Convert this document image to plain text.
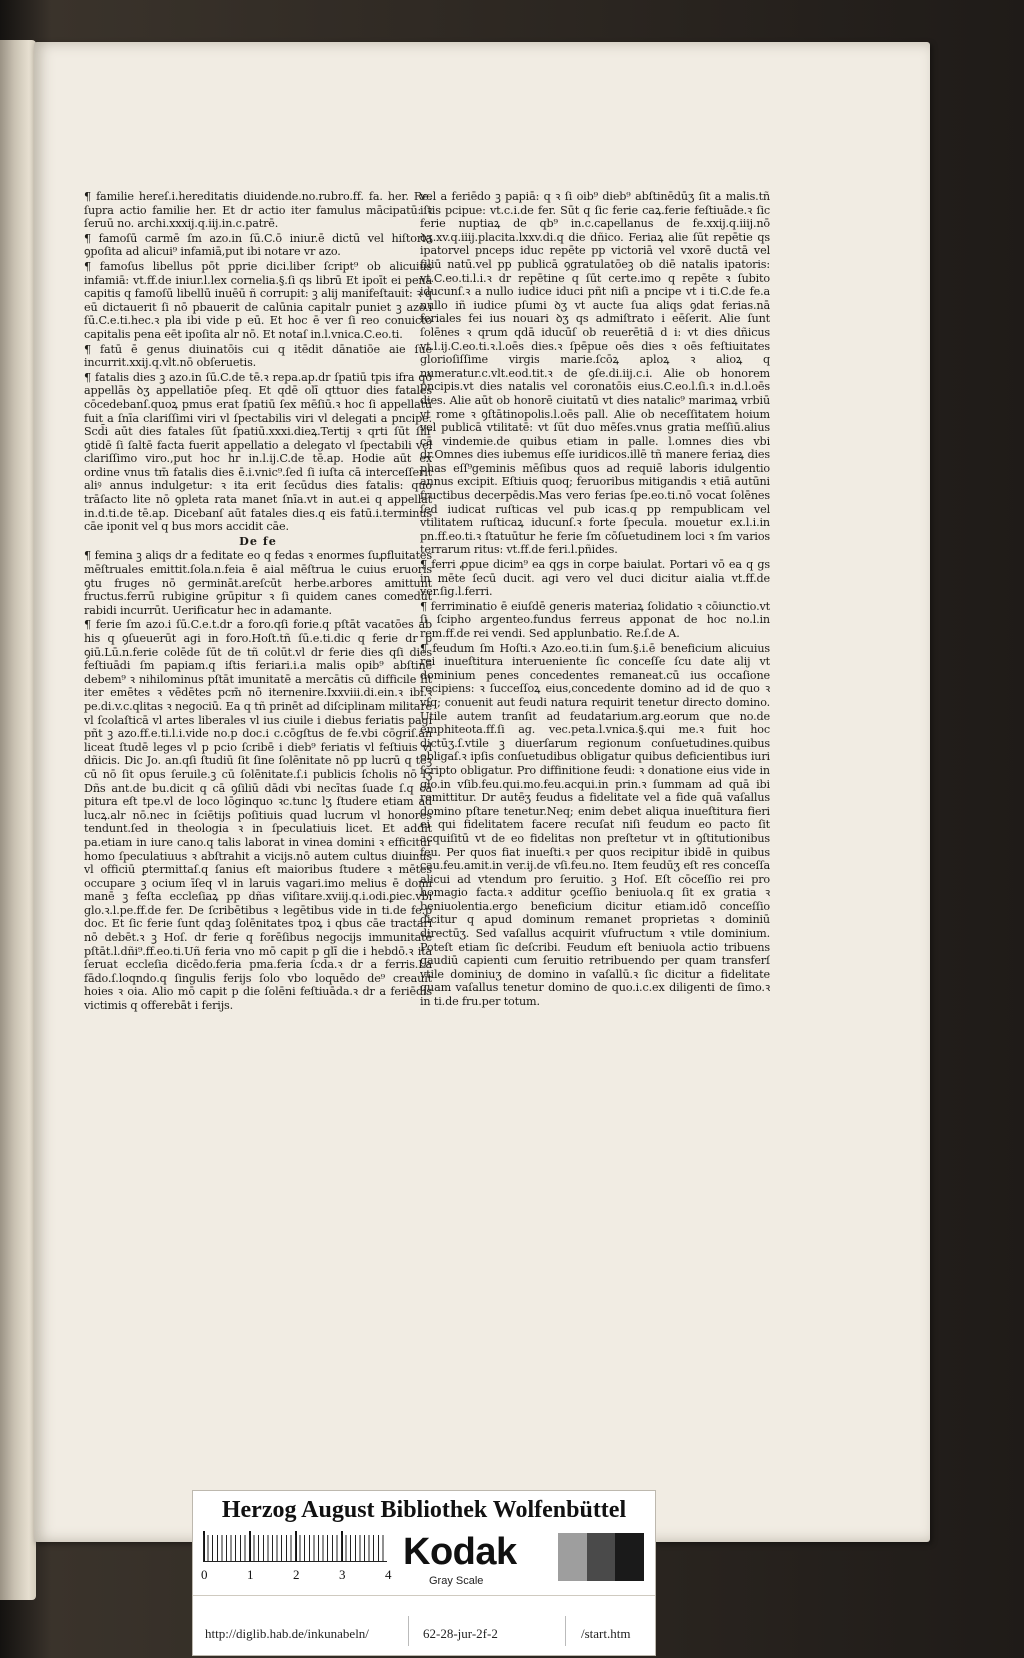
¶ familie hereſ.i.hereditatis diuidende.no.rubro.ff. fa. her. Re. ſupra actio familie her. Et dr actio iter famulus mācipatū: ꝛ ſeruū no. archi.xxxij.q.iij.in.c.patrē.

¶ famoſū carmē ſm azo.in ſū.C.ō iniur.ē dictū vel hiſtoria ꝯpoſita ad alicui⁹ infamiā,put ibi notare vr azo.

¶ famoſus libellus pōt pprie dici.liber ſcript⁹ ob alicuius infamiā: vt.ff.de iniur.l.lex cornelia.§.ſi qs librū Et ipoīt ei pena capitis q famoſū libellū inuēū ñ corrupit: ꝫ alij manifeſtauit: ꝛ q eū dictauerit ſi nō pbauerit de calūnia capitalr puniet ꝫ azo.i ſū.C.e.ti.hec.ꝛ pla ibi vide p eū. Et hoc ē ver ſi reo conuicto capitalis pena eēt ipoſita alr nō. Et notaſ in.l.vnica.C.eo.ti.

¶ fatū ē genus diuinatōis cui q itēdit dānatiōe aie ſue incurrit.xxij.q.vlt.nō obſeruetis.

¶ fatalis dies ꝫ azo.in ſū.C.de tē.ꝛ repa.ap.dr ſpatiū tpis ifra qð appellās ꝺʒ appellatiōe pſeq. Et qdē olī qttuor dies fatales cōcedebanſ.quoꝝ pmus erat ſpatiū ſex mēſiū.ꝛ hoc ſi appellatū fuit a ſnīa clariſſimi viri vl ſpectabilis viri vl delegati a pncipe. Scd̄i aūt dies fatales ſūt ſpatiū.xxxi.dieꝝ.Tertij ꝛ qrti ſūt ſilr ꝯtidē ſi ſaltē facta fuerit appellatio a delegato vl ſpectabili vel clariſſimo viro.,put hoc hr in.l.ij.C.de tē.ap. Hodie aūt ex ordine vnus tm̄ fatalis dies ē.i.vnic⁹.ſed ſi iuſta cā interceſſerit aliꝰ annus indulgetur: ꝛ ita erit ſecūdus dies fatalis: quo trāſacto lite nō ꝯpleta rata manet ſnīa.vt in aut.ei q appellat in.d.ti.de tē.ap. Dicebanſ aūt fatales dies.q eis fatū.i.terminus cāe iponit vel q bus mors accidit cāe.

De fe

¶ femina ꝫ aliqs dr a feditate eo q fedas ꝛ enormes ſuꝓfluitates mēſtruales emittit.ſola.n.feia ē aial mēſtrua le cuius eruoris ꝯtu fruges nō germināt.areſcūt herbe.arbores amittunt fructus.ferrū rubigine ꝯrūpitur ꝛ ſi quidem canes comedūt rabidi incurrūt. Uerificatur hec in adamante.

¶ ferie ſm azo.i ſū.C.e.t.dr a foro.qſi forie.q pſtāt vacatōes ab his q ꝯſueuerūt agi in foro.Hoſt.tñ ſū.e.ti.dic q ferie dr p ꝯiū.Lū.n.ferie colēde ſūt de tñ colūt.vl dr ferie dies qſi dies feſtiuādi ſm papiam.q iſtis feriari.i.a malis opib⁹ abſtinē debem⁹ ꝛ nihilominus pſtāt imunitatē a mercātis cū difficile ſit iter emētes ꝛ vēdētes pcm̄ nō iternenire.Ixxviii.di.ein.ꝛ ibi.ꝛ pe.di.v.c.qlitas ꝛ negociū. Ea q tñ prinēt ad diſciplinam militarē vl ſcolaſticā vl artes liberales vl ius ciuile i diebus feriatis pagi pñt ꝫ azo.ff.e.ti.l.i.vide no.p doc.i c.cōgſtus de fe.vbi cōgriſ.an liceat ſtudē leges vl p pcio ſcribē i dieb⁹ feriatis vl feſtiuis vl dñicis. Dic Jo. an.qſi ſtudiū ſit ſine ſolēnitate nō pp lucrū q tēꝫ cū nō ſit opus ſeruile.ꝫ cū ſolēnitate.ſ.i publicis ſcholis nō lʒ Dñs ant.de bu.dicit q cā ꝯſiliū dādi vbi necītas ſuade ſ.q cā pitura eſt tpe.vl de loco lōginquo ꝛc.tunc lʒ ſtudere etiam ad lucꝝ.alr nō.nec in ſciētijs poſitiuis quad lucrum vl honores tendunt.ſed in theologia ꝛ in ſpeculatiuis licet. Et addit pa.etiam in iure cano.q talis laborat in vinea domini ꝛ efficitur homo ſpeculatiuus ꝛ abſtrahit a vicijs.nō autem cultus diuinus vl officiū ꝑtermittaſ.q ſanius eſt maioribus ſtudere ꝛ mētes occupare ꝫ ocium īſeq vl in laruis vagari.imo melius ē domi manē ꝫ feſta eccleſiaꝝ pp dñas viſitare.xviij.q.i.odi.ꝑiec.vbi glo.ꝛ.l.pe.ff.de fer. De ſcribētibus ꝛ legētibus vide in ti.de fe.p doc. Et ſic ferie ſunt qdaꝫ ſolēnitates tpoꝝ i qbus cāe tractari nō debēt.ꝛ ꝫ Hoſ. dr ferie q forēſibus negocijs immunitatē pſtāt.l.dñi⁹.ff.eo.ti.Uñ feria vno mō capit p qlī die i hebdō.ꝛ ita ſeruat eccleſia dicēdo.feria pma.feria ſcd̄a.ꝛ dr a ferris.La fādo.ſ.loqndo.q ſingulis ferijs ſolo vbo loquēdo de⁹ creauit hoies ꝛ oia. Alio mō capit p die ſolēni feſtiuāda.ꝛ dr a feriēdis victimis q offerebāt i ferijs.

vel a feriēdo ꝫ papiā: q ꝛ ſi oib⁹ dieb⁹ abſtinēdūʒ ſit a malis.tñ iſtis pcipue: vt.c.i.de fer. Sūt q ſic ferie caꝝ.ferie feſtiuāde.ꝛ ſic ferie nuptiaꝝ de qb⁹ in.c.capellanus de fe.xxij.q.iiij.nō ꝺʒ.xv.q.iiij.placita.lxxv.di.q die dñico. Feriaꝝ alie ſūt repētie qs ipatorvel pnceps iduc repēte pp victoriā vel vxorē ductā vel filiū natū.vel pp publicā ꝯgratulatōeꝫ ob diē natalis ipatoris: vt.C.eo.ti.l.i.ꝛ dr repētine q ſūt certe.imo q repēte ꝛ ſubito iducunſ.ꝛ a nullo iudice iduci pñt niſi a pncipe vt i ti.C.de fe.a nullo iñ iudice pſumi ꝺʒ vt aucte ſua aliqs ꝯdat ferias.nā feriales fei ius nouari ꝺʒ qs admiſtrato i eēſerit. Alie ſunt ſolēnes ꝛ qrum qdā iducūſ ob reuerētiā d i: vt dies dñicus vt.l.ij.C.eo.ti.ꝛ.l.oēs dies.ꝛ ſpēpue oēs dies ꝛ oēs feſtiuitates glorioſiſſime virgis marie.ſcōꝝ aploꝝ ꝛ alioꝝ q numeratur.c.vlt.eod.tit.ꝛ de ꝯſe.di.iij.c.i. Alie ob honorem pncipis.vt dies natalis vel coronatōis eius.C.eo.l.ſi.ꝛ in.d.l.oēs dies. Alie aūt ob honorē ciuitatū vt dies natalic⁹ marimaꝝ vrbiū vt rome ꝛ ꝯſtātinopolis.l.oēs pall. Alie ob neceſſitatem hoium vel publicā vtilitatē: vt ſūt duo mēſes.vnus gratia meſſiū.alius cā vindemie.de quibus etiam in palle. l.omnes dies vbi dr.Omnes dies iubemus eſſe iuridicos.illē tñ manere feriaꝝ dies phas eſſ⁹geminis mēſibus quos ad requiē laboris idulgentio annus excipit. Eſtiuis quoq; feruoribus mitigandis ꝛ etiā autūni fructibus decerpēdis.Mas vero ferias ſpe.eo.ti.nō vocat ſolēnes ſed iudicat ruſticas vel pub icas.q pp rempublicam vel vtilitatem ruſticaꝝ iducunſ.ꝛ forte ſpecula. mouetur ex.l.i.in pn.ff.eo.ti.ꝛ ſtatuūtur he ferie ſm cōſuetudinem loci ꝛ ſm varios terrarum ritus: vt.ff.de feri.l.pñides.

¶ ferri ꝓpue dicim⁹ ea qgs in corpe baiulat. Portari vō ea q gs in mēte ſecū ducit. agi vero vel duci dicitur aialia vt.ff.de ver.ſig.l.ferri.

¶ ferriminatio ē eiuſdē generis materiaꝝ ſolidatio ꝛ cōiunctio.vt ſi ſcipho argenteo.fundus ferreus apponat de hoc no.l.in rem.ff.de rei vendi. Sed applunbatio. Re.ſ.de A.

¶ feudum ſm Hoſti.ꝛ Azo.eo.ti.in ſum.§.i.ē beneficium alicuius rei inueſtitura interueniente ſic conceſſe ſcu date alij vt dominium penes concedentes remaneat.cū ius occaſione recipiens: ꝛ ſucceſſoꝝ eius,concedente domino ad id de quo ꝛ vſq; conuenit aut feudi natura requirit tenetur directo domino. Utile autem tranſit ad feudatarium.arg.eorum que no.de emphiteota.ff.ſi ag. vec.peta.l.vnica.§.qui me.ꝛ fuit hoc dictūʒ.ſ.vtile ꝫ diuerſarum regionum conſuetudines.quibus obligaſ.ꝛ ipſis conſuetudibus obligatur quibus deficientibus iuri ſcripto obligatur. Pro diffinitione feudi: ꝛ donatione eius vide in glo.in vſib.feu.qui.mo.feu.acqui.in prin.ꝛ ſummam ad quā ibi remittitur. Dr autēʒ feudus a fidelitate vel a fide quā vaſallus domino pſtare tenetur.Neq; enim debet aliqua inueſtitura fieri ei qui fidelitatem facere recuſat niſi feudum eo pacto ſit acquiſitū vt de eo fidelitas non preſtetur vt in ꝯſtitutionibus feu. Per quos fiat inueſti.ꝛ per quos recipitur ibidē in quibus cau.feu.amit.in ver.ij.de vſi.feu.no. Item feudūʒ eſt res conceſſa alicui ad vtendum pro ſeruitio. ꝫ Hoſ. Eſt cōceſſio rei pro homagio facta.ꝛ additur ꝯceſſio beniuola.q ſit ex gratia ꝛ beniuolentia.ergo beneficium dicitur etiam.idō conceſſio dicitur q apud dominum remanet proprietas ꝛ dominiū directūʒ. Sed vaſallus acquirit vſufructum ꝛ vtile dominium. Poteſt etiam ſic deſcribi. Feudum eſt beniuola actio tribuens gaudiū capienti cum ſeruitio retribuendo per quam transferſ vtile dominiuʒ de domino in vaſallū.ꝛ ſic dicitur a fidelitate quam vaſallus tenetur domino de quo.i.c.ex diligenti de ſimo.ꝛ in ti.de fru.per totum.

Herzog August Bibliothek Wolfenbüttel
0	1	2	3	4
Kodak
Gray Scale
http://diglib.hab.de/inkunabeln/	62-28-jur-2f-2	/start.htm
